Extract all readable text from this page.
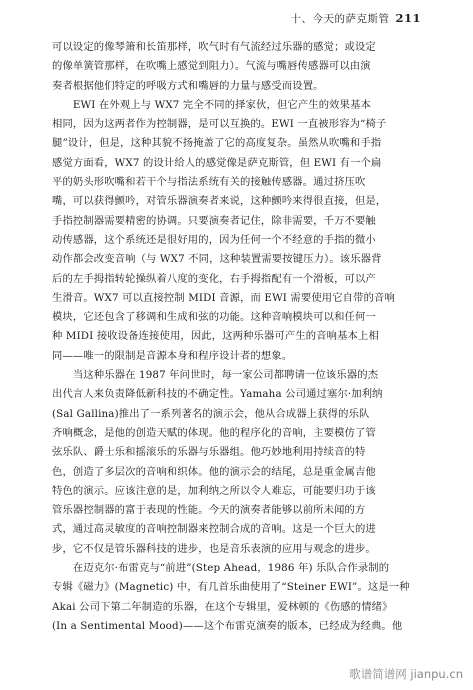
十、今天的萨克斯管 211
可以设定的像琴箫和长笛那样，吹气时有气流经过乐器的感觉；或设定
的像单簧管那样，在吹嘴上感觉到阻力）。气流与嘴唇传感器可以由演
奏者根据他们特定的呼吸方式和嘴唇的力量与感受而设置。
　　EWI 在外观上与 WX7 完全不同的择家伙，但它产生的效果基本
相同，因为这两者作为控制器，是可以互换的。EWI 一直被形容为“椅子
腿”设计，但是，这种其貌不扬掩盖了它的高度复杂。虽然从吹嘴和手指
感觉方面看，WX7 的设计给人的感觉像是萨克斯管，但 EWI 有一个扁
平的奶头形吹嘴和若干个与指法系统有关的接触传感器。通过挤压吹
嘴，可以获得颤吟，对管乐器演奏者来说，这种颤吟来得很直接，但是，
手指控制器需要精密的协调。只要演奏者记住，除非需要，千万不要触
动传感器，这个系统还是很好用的，因为任何一个不经意的手指的微小
动作都会改变音响（与 WX7 不同，这种装置需要按键压力）。该乐器背
后的左手拇指转轮操纵着八度的变化，右手拇指配有一个滑板，可以产
生滑音。WX7 可以直接控制 MIDI 音源，而 EWI 需要使用它自带的音响
模块，它还包含了移调和生成和弦的功能。这种音响模块可以和任何一
种 MIDI 接收设备连接使用，因此，这两种乐器可产生的音响基本上相
同——唯一的限制是音源本身和程序设计者的想象。
　　当这种乐器在 1987 年问世时，每一家公司都聘请一位该乐器的杰
出代言人来负责降低新科技的不确定性。Yamaha 公司通过塞尔·加利纳
(Sal Gallina)推出了一系列著名的演示会，他从合成器上获得的乐队
齐响概念，是他的创造天赋的体现。他的程序化的音响，主要模仿了管
弦乐队、爵士乐和摇滚乐的乐器与乐器组。他巧妙地利用持续音的特
色，创造了多层次的音响和织体。他的演示会的结尾，总是重金属吉他
特色的演示。应该注意的是，加利纳之所以令人难忘，可能要归功于该
管乐器控制器的富于表现的性能。今天的演奏者能够以前所未闻的方
式，通过高灵敏度的音响控制器来控制合成的音响。这是一个巨大的进
步，它不仅是管乐器科技的进步，也是音乐表演的应用与观念的进步。
　　在迈克尔·布雷克与“前进”(Step Ahead，1986 年) 乐队合作录制的
专辑《磁力》(Magnetic) 中，有几首乐曲使用了“Steiner EWI”。这是一种
Akai 公司下第二年制造的乐器，在这个专辑里，爱林顿的《伤感的情绪》
(In a Sentimental Mood)——这个布雷克演奏的版本，已经成为经典。他
歌谱简谱网 jianpu.cn
